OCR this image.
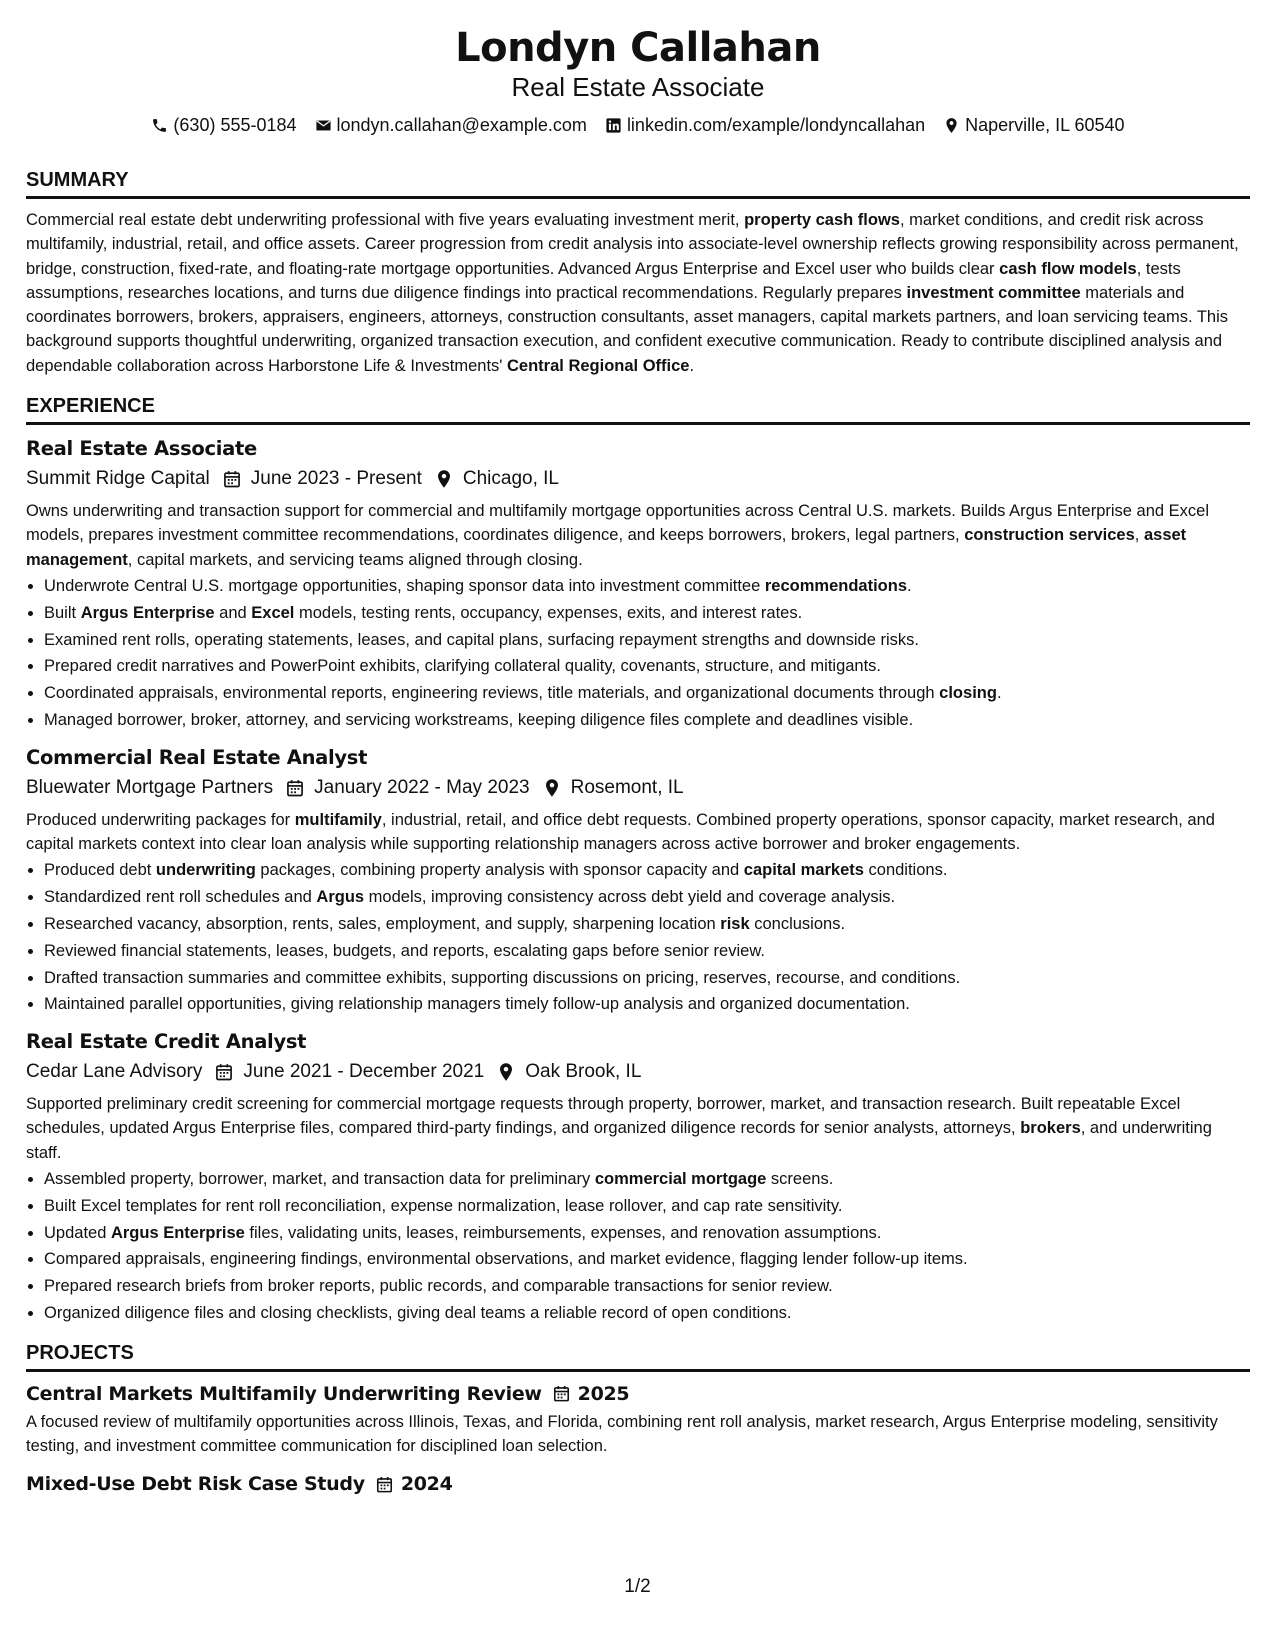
Londyn Callahan
Real Estate Associate
(630) 555-0184 londyn.callahan@example.com linkedin.com/example/londyncallahan Naperville, IL 60540
SUMMARY
Commercial real estate debt underwriting professional with five years evaluating investment merit, property cash flows, market conditions, and credit risk across multifamily, industrial, retail, and office assets. Career progression from credit analysis into associate-level ownership reflects growing responsibility across permanent, bridge, construction, fixed-rate, and floating-rate mortgage opportunities. Advanced Argus Enterprise and Excel user who builds clear cash flow models, tests assumptions, researches locations, and turns due diligence findings into practical recommendations. Regularly prepares investment committee materials and coordinates borrowers, brokers, appraisers, engineers, attorneys, construction consultants, asset managers, capital markets partners, and loan servicing teams. This background supports thoughtful underwriting, organized transaction execution, and confident executive communication. Ready to contribute disciplined analysis and dependable collaboration across Harborstone Life & Investments' Central Regional Office.
EXPERIENCE
Real Estate Associate
Summit Ridge Capital June 2023 - Present Chicago, IL
Owns underwriting and transaction support for commercial and multifamily mortgage opportunities across Central U.S. markets. Builds Argus Enterprise and Excel models, prepares investment committee recommendations, coordinates diligence, and keeps borrowers, brokers, legal partners, construction services, asset management, capital markets, and servicing teams aligned through closing.
• Underwrote Central U.S. mortgage opportunities, shaping sponsor data into investment committee recommendations.
• Built Argus Enterprise and Excel models, testing rents, occupancy, expenses, exits, and interest rates.
• Examined rent rolls, operating statements, leases, and capital plans, surfacing repayment strengths and downside risks.
• Prepared credit narratives and PowerPoint exhibits, clarifying collateral quality, covenants, structure, and mitigants.
• Coordinated appraisals, environmental reports, engineering reviews, title materials, and organizational documents through closing.
• Managed borrower, broker, attorney, and servicing workstreams, keeping diligence files complete and deadlines visible.
Commercial Real Estate Analyst
Bluewater Mortgage Partners January 2022 - May 2023 Rosemont, IL
Produced underwriting packages for multifamily, industrial, retail, and office debt requests. Combined property operations, sponsor capacity, market research, and capital markets context into clear loan analysis while supporting relationship managers across active borrower and broker engagements.
• Produced debt underwriting packages, combining property analysis with sponsor capacity and capital markets conditions.
• Standardized rent roll schedules and Argus models, improving consistency across debt yield and coverage analysis.
• Researched vacancy, absorption, rents, sales, employment, and supply, sharpening location risk conclusions.
• Reviewed financial statements, leases, budgets, and reports, escalating gaps before senior review.
• Drafted transaction summaries and committee exhibits, supporting discussions on pricing, reserves, recourse, and conditions.
• Maintained parallel opportunities, giving relationship managers timely follow-up analysis and organized documentation.
Real Estate Credit Analyst
Cedar Lane Advisory June 2021 - December 2021 Oak Brook, IL
Supported preliminary credit screening for commercial mortgage requests through property, borrower, market, and transaction research. Built repeatable Excel schedules, updated Argus Enterprise files, compared third-party findings, and organized diligence records for senior analysts, attorneys, brokers, and underwriting staff.
• Assembled property, borrower, market, and transaction data for preliminary commercial mortgage screens.
• Built Excel templates for rent roll reconciliation, expense normalization, lease rollover, and cap rate sensitivity.
• Updated Argus Enterprise files, validating units, leases, reimbursements, expenses, and renovation assumptions.
• Compared appraisals, engineering findings, environmental observations, and market evidence, flagging lender follow-up items.
• Prepared research briefs from broker reports, public records, and comparable transactions for senior review.
• Organized diligence files and closing checklists, giving deal teams a reliable record of open conditions.
PROJECTS
Central Markets Multifamily Underwriting Review 2025
A focused review of multifamily opportunities across Illinois, Texas, and Florida, combining rent roll analysis, market research, Argus Enterprise modeling, sensitivity testing, and investment committee communication for disciplined loan selection.
Mixed-Use Debt Risk Case Study 2024
1/2
